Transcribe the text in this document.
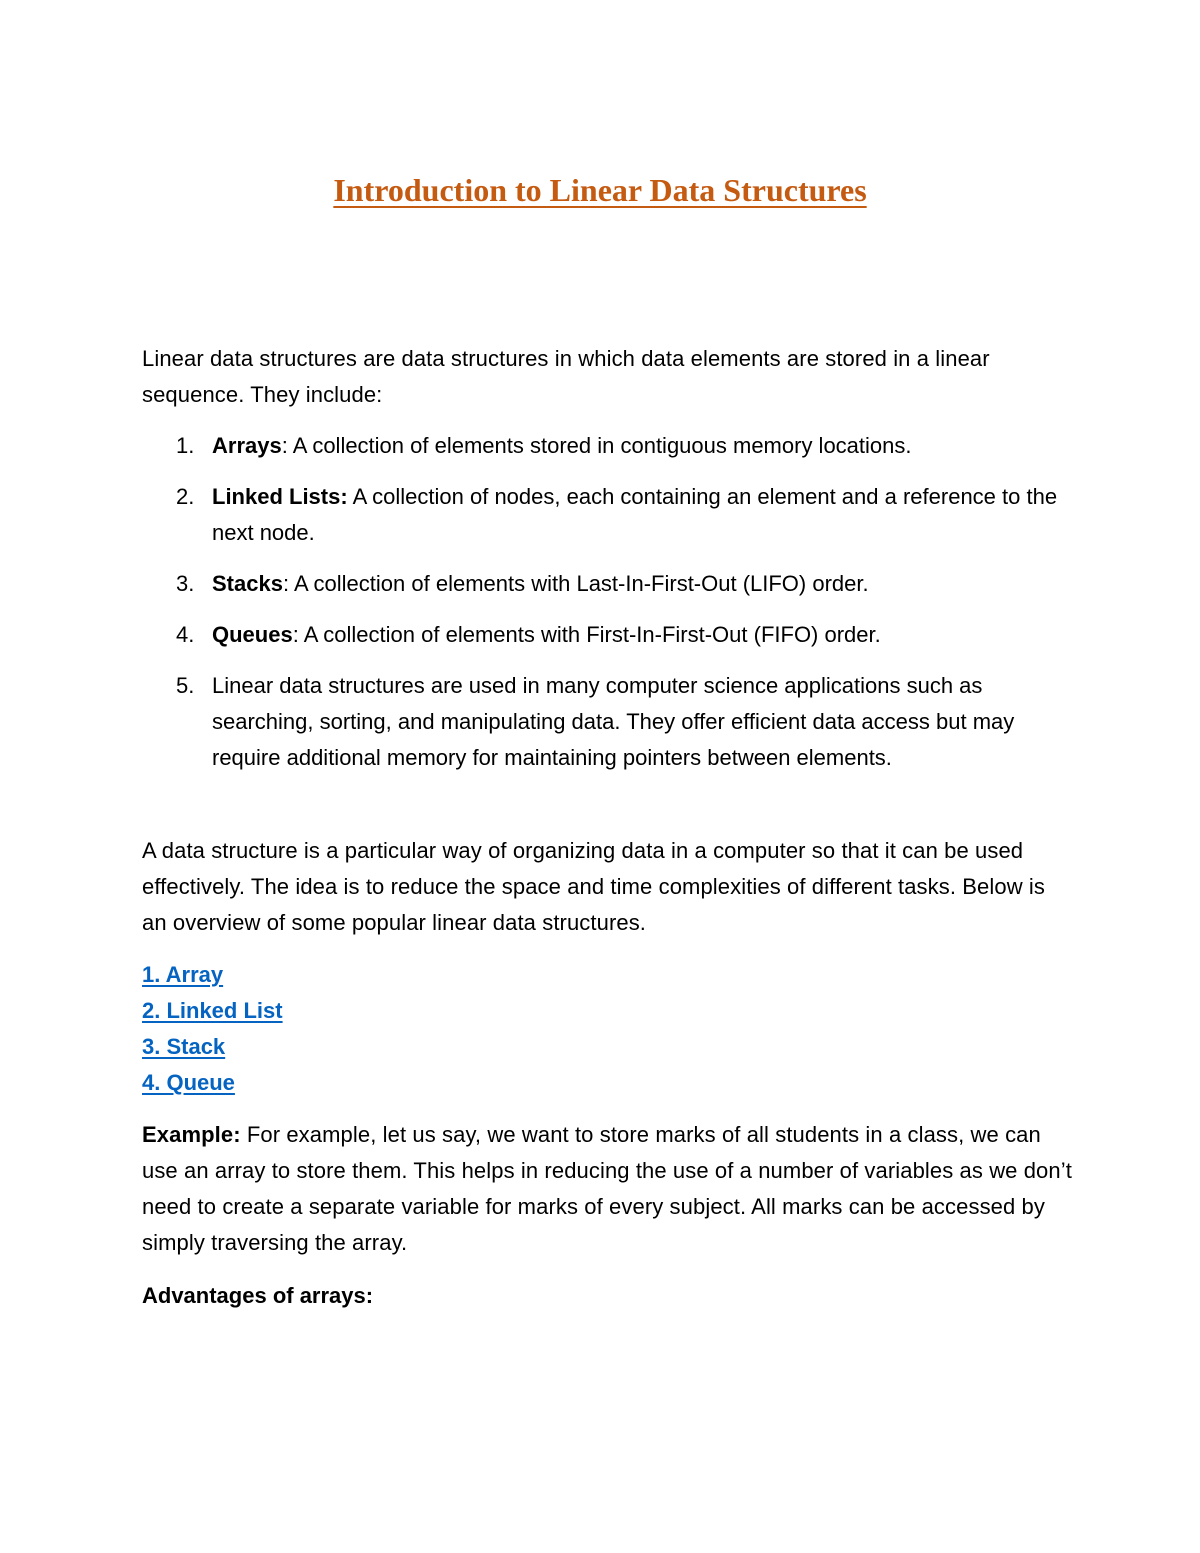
Introduction to Linear Data Structures

Linear data structures are data structures in which data elements are stored in a linear sequence. They include:

1. Arrays: A collection of elements stored in contiguous memory locations.
2. Linked Lists: A collection of nodes, each containing an element and a reference to the next node.
3. Stacks: A collection of elements with Last-In-First-Out (LIFO) order.
4. Queues: A collection of elements with First-In-First-Out (FIFO) order.
5. Linear data structures are used in many computer science applications such as searching, sorting, and manipulating data. They offer efficient data access but may require additional memory for maintaining pointers between elements.

A data structure is a particular way of organizing data in a computer so that it can be used effectively. The idea is to reduce the space and time complexities of different tasks. Below is an overview of some popular linear data structures.

1. Array
2. Linked List
3. Stack
4. Queue

Example: For example, let us say, we want to store marks of all students in a class, we can use an array to store them. This helps in reducing the use of a number of variables as we don’t need to create a separate variable for marks of every subject. All marks can be accessed by simply traversing the array.

Advantages of arrays:
